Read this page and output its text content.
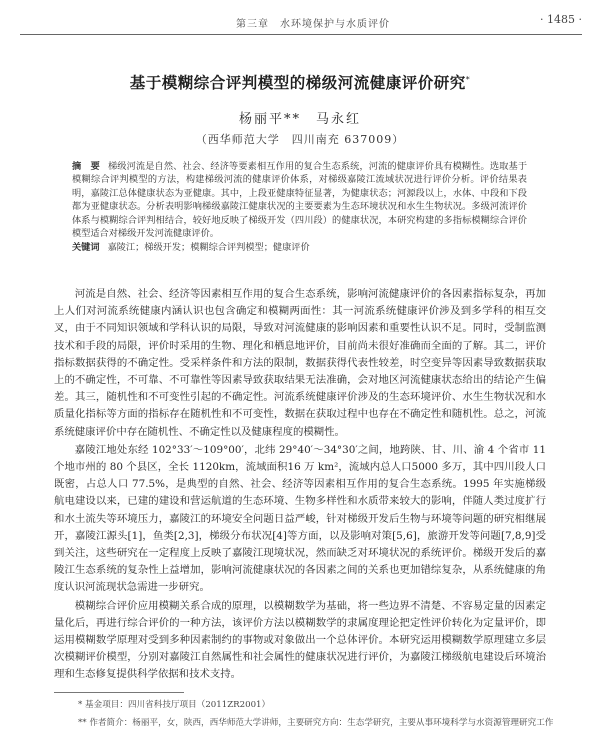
第三章　水环境保护与水质评价	· 1485 ·
基于模糊综合评判模型的梯级河流健康评价研究*
杨丽平**　马永红
（西华师范大学　四川南充 637009）

摘　要 梯级河流是自然、社会、经济等要素相互作用的复合生态系统，河流的健康评价具有模糊性。选取基于模糊综合评判模型的方法，构建梯级河流的健康评价体系，对梯级嘉陵江流域状况进行评价分析。评价结果表明，嘉陵江总体健康状态为亚健康。其中，上段亚健康特征显著，为健康状态；河源段以上，水体、中段和下段都为亚健康状态。分析表明影响梯级嘉陵江健康状况的主要要素为生态环境状况和水生生物状况。多级河流评价体系与模糊综合评判相结合，较好地反映了梯级开发（四川段）的健康状况，本研究构建的多指标模糊综合评价模型适合对梯级开发河流健康评价。

关键词 嘉陵江；梯级开发；模糊综合评判模型；健康评价

河流是自然、社会、经济等因素相互作用的复合生态系统，影响河流健康评价的各因素指标复杂，再加上人们对河流系统健康内涵认识也包含确定和模糊两面性：其一河流系统健康评价涉及到多学科的相互交叉，由于不同知识领域和学科认识的局限，导致对河流健康的影响因素和重要性认识不足。同时，受制监测技术和手段的局限，评价时采用的生物、理化和栖息地评价，目前尚未很好准确而全面的了解。其二，评价指标数据获得的不确定性。受采样条件和方法的限制，数据获得代表性较差，时空变异等因素导致数据获取上的不确定性，不可靠、不可靠性等因素导致获取结果无法准确，会对地区河流健康状态给出的结论产生偏差。其三，随机性和不可变性引起的不确定性。河流系统健康评价涉及的生态环境评价、水生生物状况和水质量化指标等方面的指标存在随机性和不可变性，数据在获取过程中也存在不确定性和随机性。总之，河流系统健康评价中存在随机性、不确定性以及健康程度的模糊性。

嘉陵江地处东经 102°33′～109°00′，北纬 29°40′～34°30′之间，地跨陕、甘、川、渝 4 个省市 11 个地市州的 80 个县区，全长 1120km，流域面积16 万 km²，流域内总人口5000 多万，其中四川段人口既密，占总人口 77.5%，是典型的自然、社会、经济等因素相互作用的复合生态系统。1995 年实施梯级航电建设以来，已建的建设和营运航道的生态环境、生物多样性和水质带来较大的影响，伴随人类过度扩行和水土流失等环境压力，嘉陵江的环境安全问题日益严峻，针对梯级开发后生物与环境等问题的研究相继展开，嘉陵江源头[1]，鱼类[2,3]，梯级分布状况[4]等方面，以及影响对策[5,6]，旅游开发等问题[7,8,9]受到关注，这些研究在一定程度上反映了嘉陵江现境状况，然而缺乏对环境状况的系统评价。梯级开发后的嘉陵江生态系统的复杂性上益增加，影响河流健康状况的各因素之间的关系也更加错综复杂，从系统健康的角度认识河流现状急需进一步研究。

模糊综合评价应用模糊关系合成的原理，以模糊数学为基础，将一些边界不清楚、不容易定量的因素定量化后，再进行综合评价的一种方法，该评价方法以模糊数学的隶属度理论把定性评价转化为定量评价，即运用模糊数学原理对受到多种因素制约的事物或对象做出一个总体评价。本研究运用模糊数学原理建立多层次模糊评价模型，分别对嘉陵江自然属性和社会属性的健康状况进行评价，为嘉陵江梯级航电建设后环境治理和生态修复提供科学依据和技术支持。

* 基金项目：四川省科技厅项目（2011ZR2001）
** 作者简介：杨丽平，女，陕西，西华师范大学讲师，主要研究方向：生态学研究，主要从事环境科学与水资源管理研究工作
